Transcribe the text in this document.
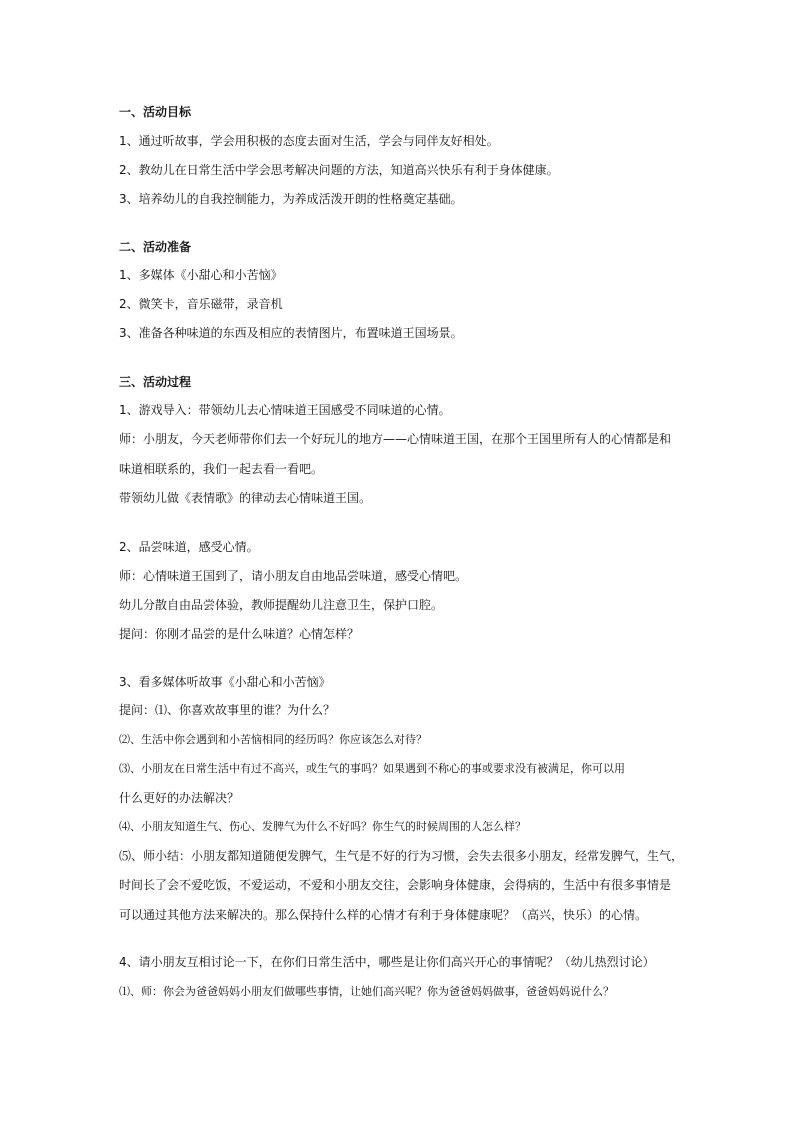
一、活动目标
1、通过听故事，学会用积极的态度去面对生活，学会与同伴友好相处。
2、教幼儿在日常生活中学会思考解决问题的方法，知道高兴快乐有利于身体健康。
3、培养幼儿的自我控制能力，为养成活泼开朗的性格奠定基础。
二、活动准备
1、多媒体《小甜心和小苦恼》
2、微笑卡，音乐磁带，录音机
3、准备各种味道的东西及相应的表情图片，布置味道王国场景。
三、活动过程
1、游戏导入：带领幼儿去心情味道王国感受不同味道的心情。
师：小朋友，今天老师带你们去一个好玩儿的地方——心情味道王国，在那个王国里所有人的心情都是和
味道相联系的，我们一起去看一看吧。
带领幼儿做《表情歌》的律动去心情味道王国。
2、品尝味道，感受心情。
师：心情味道王国到了，请小朋友自由地品尝味道，感受心情吧。
幼儿分散自由品尝体验，教师提醒幼儿注意卫生，保护口腔。
提问：你刚才品尝的是什么味道？心情怎样？
3、看多媒体听故事《小甜心和小苦恼》
提问：⑴、你喜欢故事里的谁？为什么？
⑵、生活中你会遇到和小苦恼相同的经历吗？你应该怎么对待？
⑶、小朋友在日常生活中有过不高兴，或生气的事吗？如果遇到不称心的事或要求没有被满足，你可以用
什么更好的办法解决？
⑷、小朋友知道生气、伤心、发脾气为什么不好吗？你生气的时候周围的人怎么样？
⑸、师小结：小朋友都知道随便发脾气，生气是不好的行为习惯，会失去很多小朋友，经常发脾气，生气，
时间长了会不爱吃饭，不爱运动，不爱和小朋友交往，会影响身体健康，会得病的，生活中有很多事情是
可以通过其他方法来解决的。那么保持什么样的心情才有利于身体健康呢？（高兴，快乐）的心情。
4、请小朋友互相讨论一下，在你们日常生活中，哪些是让你们高兴开心的事情呢？（幼儿热烈讨论）
⑴、师：你会为爸爸妈妈小朋友们做哪些事情，让她们高兴呢？你为爸爸妈妈做事，爸爸妈妈说什么？
